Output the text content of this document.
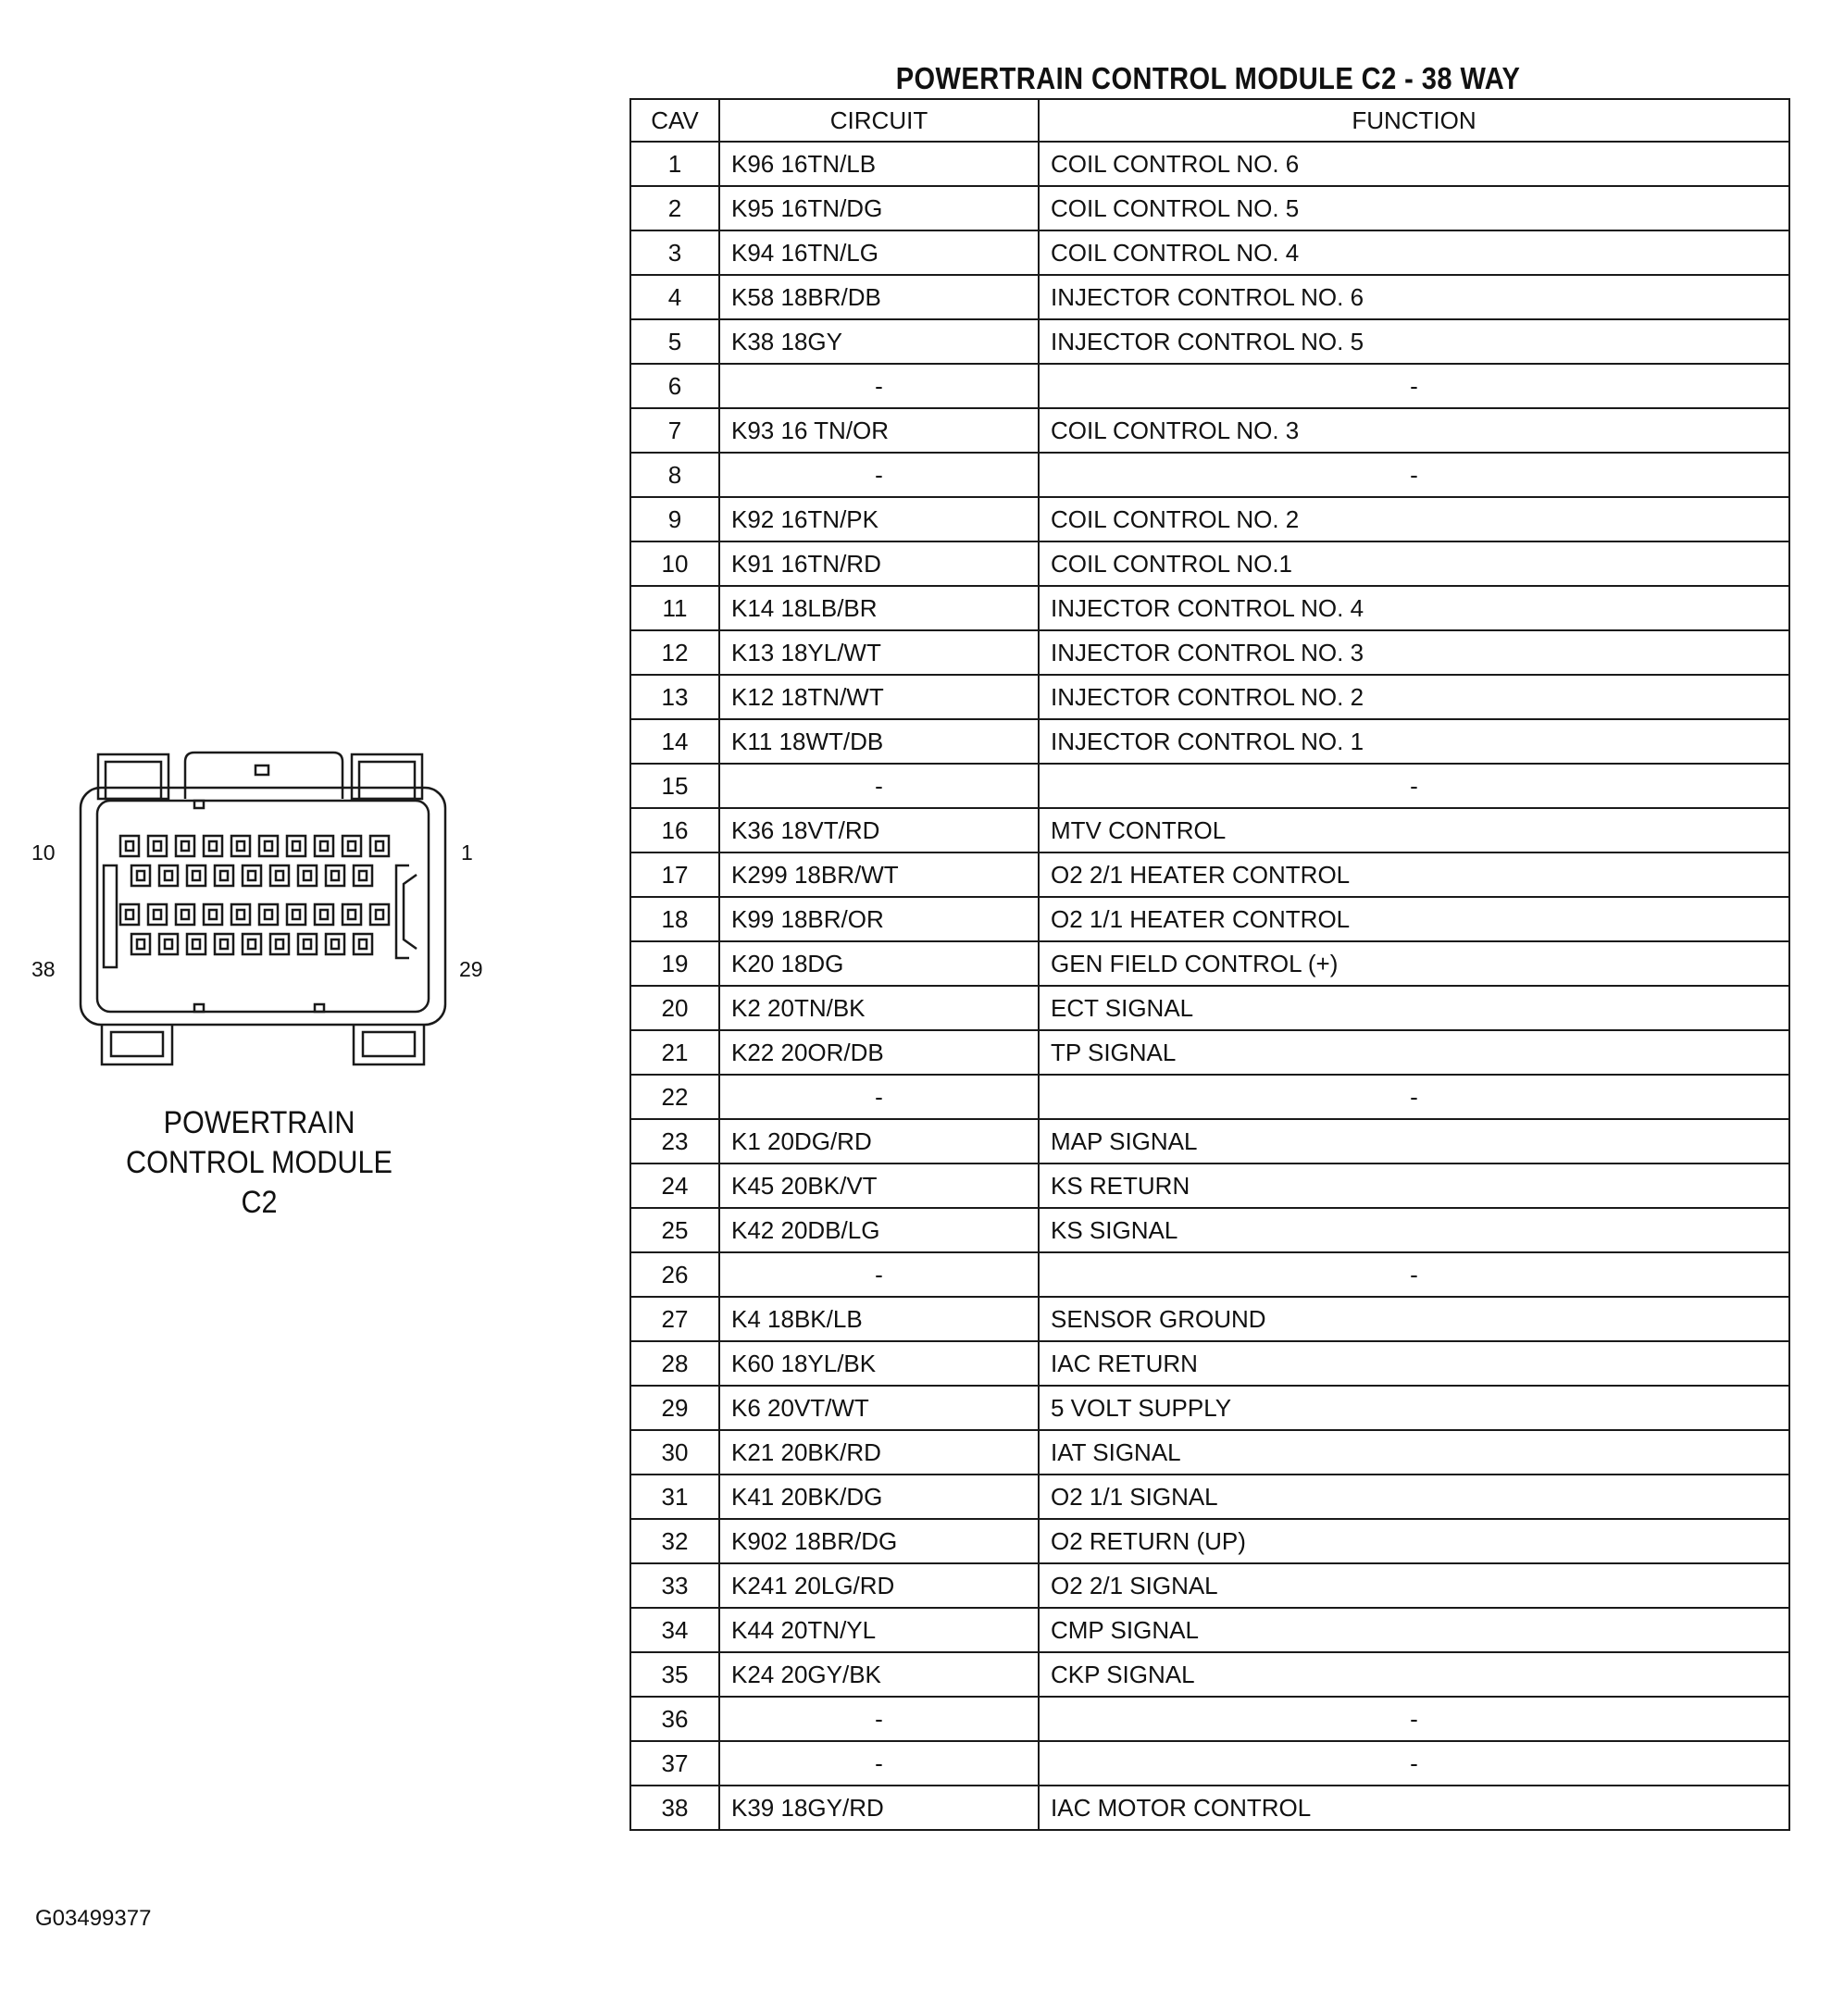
10	1
38	29
POWERTRAIN
CONTROL MODULE C2
POWERTRAIN CONTROL MODULE C2 - 38 WAY
CAV	CIRCUIT	FUNCTION
1	K96 16TN/LB	COIL CONTROL NO. 6
2	K95 16TN/DG	COIL CONTROL NO. 5
3	K94 16TN/LG	COIL CONTROL NO. 4
4	K58 18BR/DB	INJECTOR CONTROL NO. 6
5	K38 18GY	INJECTOR CONTROL NO. 5
6	-	-
7	K93 16 TN/OR	COIL CONTROL NO. 3
8	-	-
9	K92 16TN/PK	COIL CONTROL NO. 2
10	K91 16TN/RD	COIL CONTROL NO.1
11	K14 18LB/BR	INJECTOR CONTROL NO. 4
12	K13 18YL/WT	INJECTOR CONTROL NO. 3
13	K12 18TN/WT	INJECTOR CONTROL NO. 2
14	K11 18WT/DB	INJECTOR CONTROL NO. 1
15	-	-
16	K36 18VT/RD	MTV CONTROL
17	K299 18BR/WT	O2 2/1 HEATER CONTROL
18	K99 18BR/OR	O2 1/1 HEATER CONTROL
19	K20 18DG	GEN FIELD CONTROL (+)
20	K2 20TN/BK	ECT SIGNAL
21	K22 20OR/DB	TP SIGNAL
22	-	-
23	K1 20DG/RD	MAP SIGNAL
24	K45 20BK/VT	KS RETURN
25	K42 20DB/LG	KS SIGNAL
26	-	-
27	K4 18BK/LB	SENSOR GROUND
28	K60 18YL/BK	IAC RETURN
29	K6 20VT/WT	5 VOLT SUPPLY
30	K21 20BK/RD	IAT SIGNAL
31	K41 20BK/DG	O2 1/1 SIGNAL
32	K902 18BR/DG	O2 RETURN (UP)
33	K241 20LG/RD	O2 2/1 SIGNAL
34	K44 20TN/YL	CMP SIGNAL
35	K24 20GY/BK	CKP SIGNAL
36	-	-
37	-	-
38	K39 18GY/RD	IAC MOTOR CONTROL
G03499377
